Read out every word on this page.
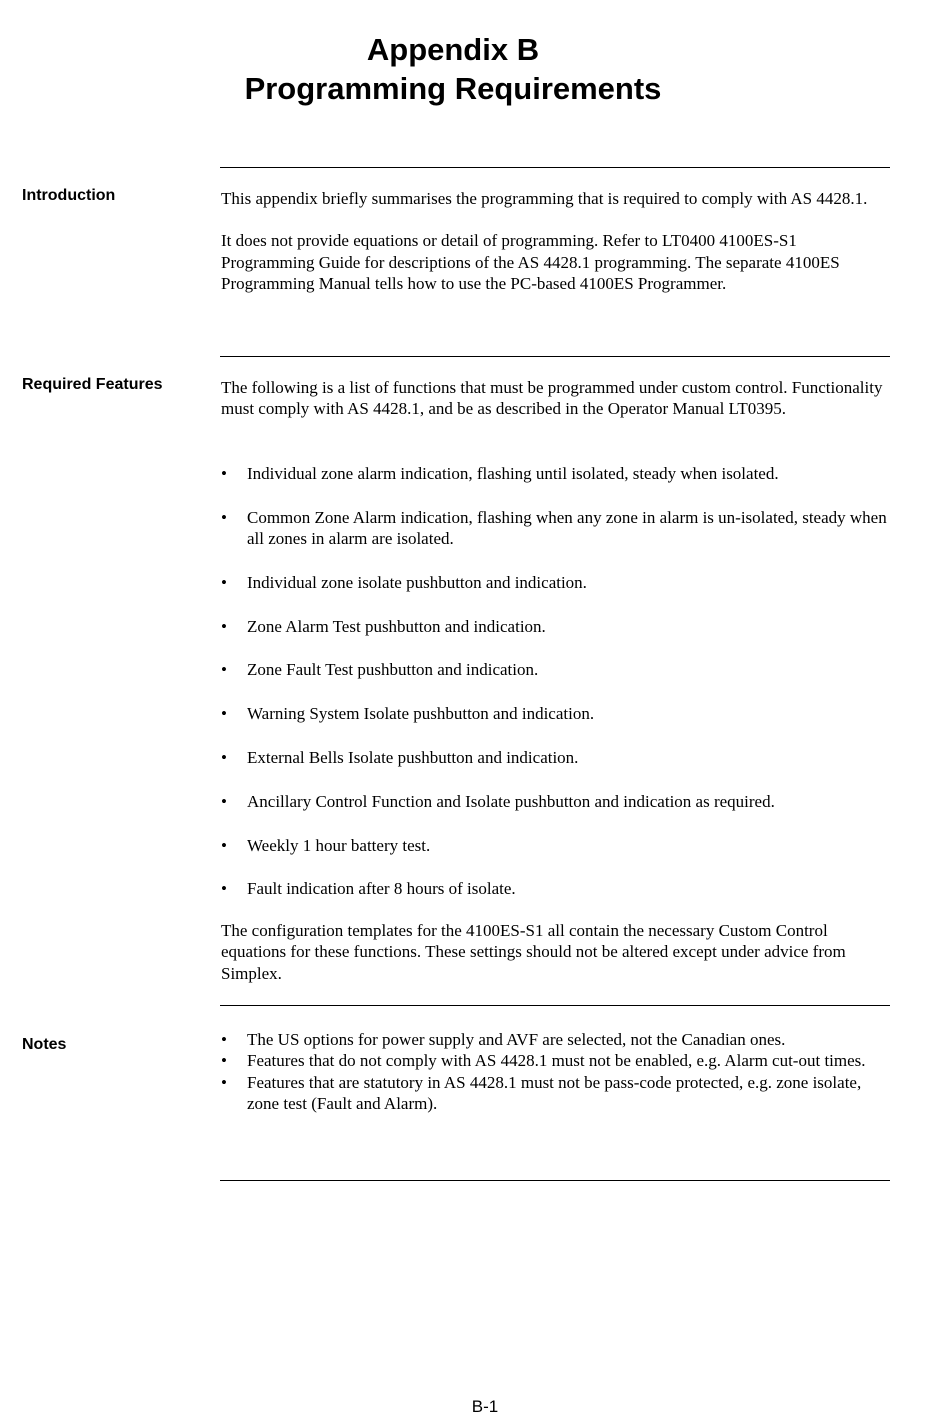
Appendix B
Programming Requirements
Introduction	This appendix briefly summarises the programming that is required to comply with AS 4428.1.

It does not provide equations or detail of programming. Refer to LT0400 4100ES-S1 Programming Guide for descriptions of the AS 4428.1 programming. The separate 4100ES Programming Manual tells how to use the PC-based 4100ES Programmer.

Required Features	The following is a list of functions that must be programmed under custom control. Functionality must comply with AS 4428.1, and be as described in the Operator Manual LT0395.

• Individual zone alarm indication, flashing until isolated, steady when isolated.
• Common Zone Alarm indication, flashing when any zone in alarm is un-isolated, steady when all zones in alarm are isolated.
• Individual zone isolate pushbutton and indication.
• Zone Alarm Test pushbutton and indication.
• Zone Fault Test pushbutton and indication.
• Warning System Isolate pushbutton and indication.
• External Bells Isolate pushbutton and indication.
• Ancillary Control Function and Isolate pushbutton and indication as required.
• Weekly 1 hour battery test.
• Fault indication after 8 hours of isolate.

The configuration templates for the 4100ES-S1 all contain the necessary Custom Control equations for these functions. These settings should not be altered except under advice from Simplex.

Notes	• The US options for power supply and AVF are selected, not the Canadian ones.
• Features that do not comply with AS 4428.1 must not be enabled, e.g. Alarm cut-out times.
• Features that are statutory in AS 4428.1 must not be pass-code protected, e.g. zone isolate, zone test (Fault and Alarm).
B-1
